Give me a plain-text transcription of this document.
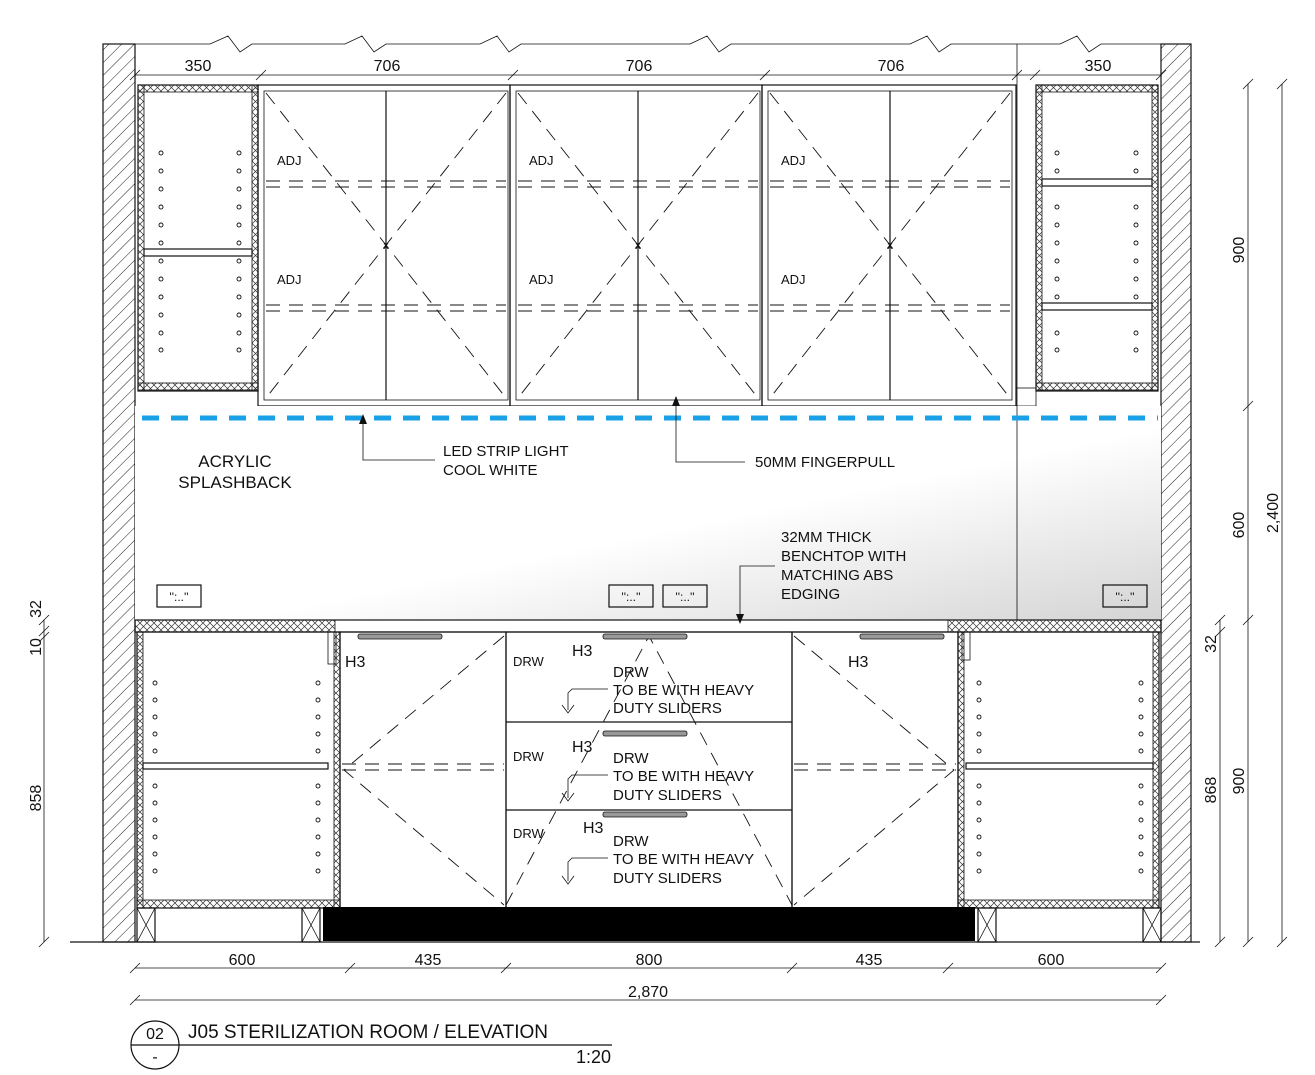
350	706	706	706	350
x
ADJ
ADJ
x
ADJ
ADJ
x
ADJ
ADJ
'':..''	'':..''	'':..''	'':..''
ACRYLIC
SPLASHBACK
LED STRIP LIGHT
COOL WHITE	50MM FINGERPULL
32MM THICK
BENCHTOP WITH
MATCHING ABS
EDGING
H3	DRW
H3
DRW
TO BE WITH HEAVY
DUTY SLIDERS
DRW
H3
DRW
TO BE WITH HEAVY
DUTY SLIDERS
DRW H3
DRW
TO BE WITH HEAVY
DUTY SLIDERS
H3
600	435	800	435	600
2,870
2,400
900
600
900
32
868
32
10
858
02
-
J05 STERILIZATION ROOM / ELEVATION
1:20
